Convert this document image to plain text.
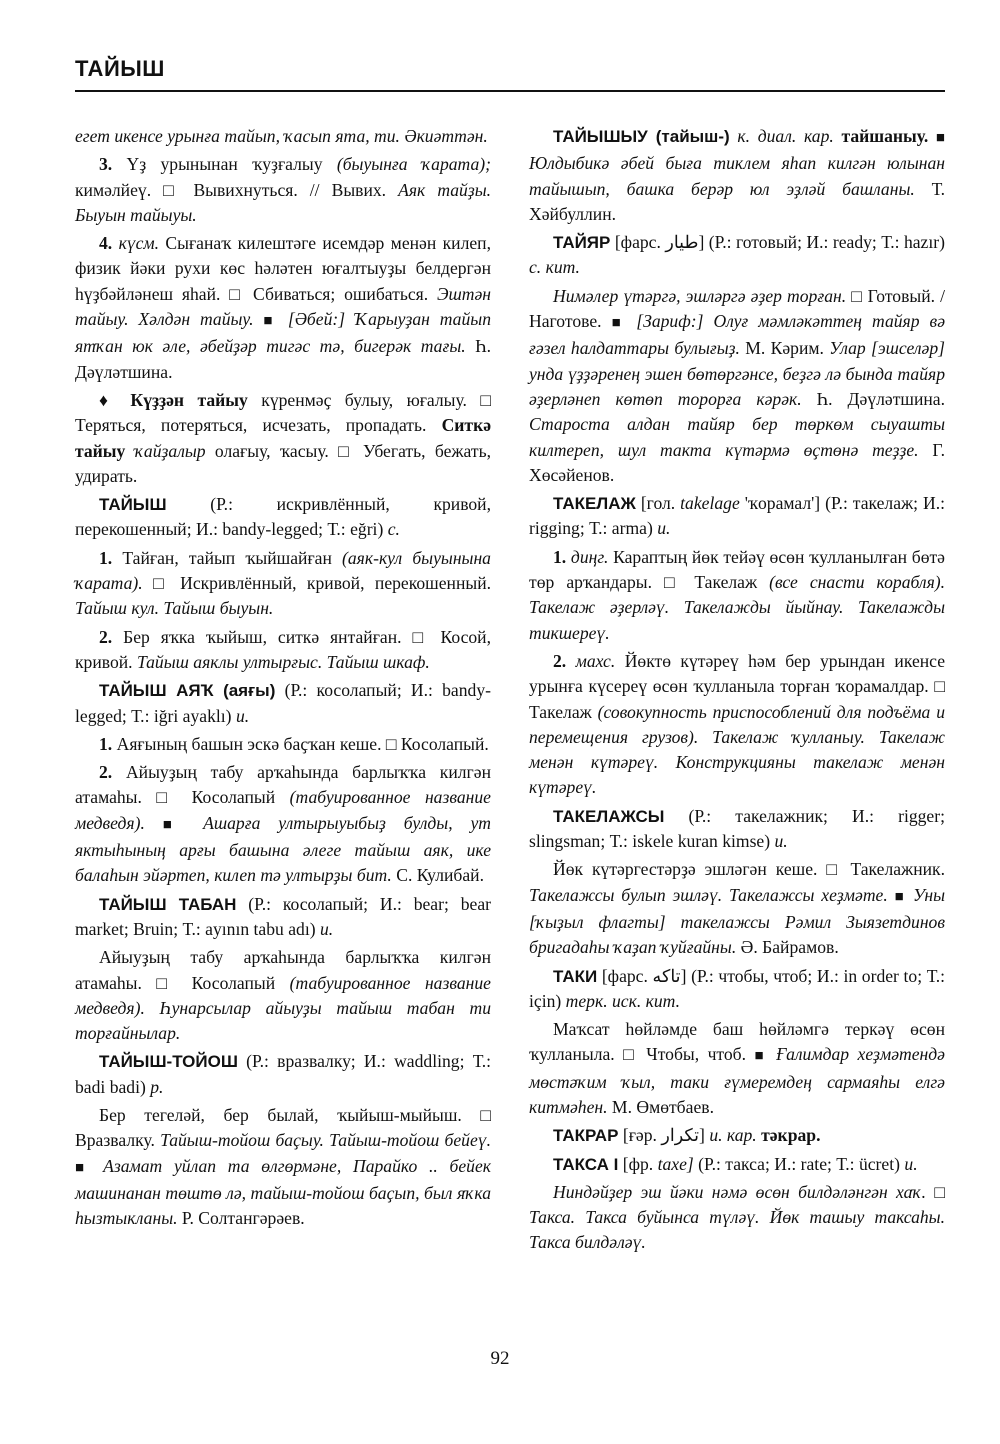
ТАЙЫШ

егет икенсе урынға тайып, ҡасып ята, ти. Әкиәттән.

3. Үҙ урынынан ҡуҙғалыу (быуынға ҡарата); кимәлйеү. □ Вывихнуться. // Вывих. Аяк тайҙы. Быуын тайыуы.

4. күсм. Сығанаҡ килештәге исемдәр менән килеп, физик йәки рухи көс һәләтен юғалтыуҙы белдергән һүҙбәйләнеш яһай. □ Сбиваться; ошибаться. Эштән тайыу. Хәлдән тайыу. ■ [Әбей:] Ҡарыуҙан тайып ятҡан юк әле, әбейҙәр тигәс тә, бигерәк тағы. Һ. Дәүләтшина.

♦ Күҙҙән тайыу күренмәҫ булыу, юғалыу. □ Теряться, потеряться, исчезать, пропадать. Ситкә тайыу ҡайҙалыр олағыу, ҡасыу. □ Убегать, бежать, удирать.

ТАЙЫШ (Р.: искривлённый, кривой, перекошенный; И.: bandy-legged; Т.: eğri) с.

1. Тайған, тайып ҡыйшайған (аяк-кул быуынына ҡарата). □ Искривлённый, кривой, перекошенный. Тайыш кул. Тайыш быуын.

2. Бер яҡка ҡыйыш, ситкә янтайған. □ Косой, кривой. Тайыш аяклы ултырғыс. Тайыш шкаф.

ТАЙЫШ АЯҠ (аяғы) (Р.: косолапый; И.: bandy-legged; Т.: iğri ayaklı) и.

1. Аяғының башын эскә баҫҡан кеше. □ Косолапый.

2. Айыуҙың табу арҡаһында барлыҡҡа килгән атамаһы. □ Косолапый (табуированное название медведя). ■ Ашарға ултырыуыбыҙ булды, ут яктыһының арғы башына әлеге тайыш аяк, ике балаһын эйәртеп, килеп тә ултырҙы бит. С. Кулибай.

ТАЙЫШ ТАБАН (Р.: косолапый; И.: bear; bear market; Bruin; Т.: ayının tabu adı) и.

Айыуҙың табу арҡаһында барлыҡҡа килгән атамаһы. □ Косолапый (табуированное название медведя). Һунарсылар айыуҙы тайыш табан ти торғайнылар.

ТАЙЫШ-ТОЙОШ (Р.: вразвалку; И.: waddling; Т.: badi badi) р.

Бер тегеләй, бер былай, ҡыйыш-мыйыш. □ Вразвалку. Тайыш-тойош баҫыу. Тайыш-тойош бейеү. ■ Азамат уйлап та өлгөрмәне, Парайко .. бейек машинанан төштө лә, тайыш-тойош баҫып, был яҡка һызтыкланы. Р. Солтангәрәев.

ТАЙЫШЫУ (тайыш-) к. диал. кар. тайшаныу. ■ Юлдыбикә әбей быға тиклем яһап килгән юлынан тайышып, башка берәр юл эҙләй башланы. Т. Хәйбуллин.

ТАЙЯР [фарс. طيار] (Р.: готовый; И.: ready; Т.: hazır) с. кит.

Нимәлер үтәргә, эшләргә әҙер торған. □ Готовый. / Наготове. ■ [Зариф:] Олуғ мәмләкәттең тайяр вә ғәзел һалдаттары булығыҙ. М. Кәрим. Улар [эшселәр] унда үҙҙәренең эшен бөтөргәнсе, беҙгә лә бында тайяр әҙерләнеп көтөп торорға кәрәк. Һ. Дәүләтшина. Староста алдан тайяр бер төркөм сыуашты килтереп, шул такта күтәрмә өҫтөнә теҙҙе. Г. Хөсәйенов.

ТАКЕЛАЖ [гол. takelage 'ҡорамал'] (Р.: такелаж; И.: rigging; Т.: arma) и.

1. диңг. Караптың йөк тейәү өсөн ҡулланылған бөтә төр арҡандары. □ Такелаж (все снасти корабля). Такелаж әҙерләү. Такелажды йыйнау. Такелажды тикшереү.

2. махс. Йөктө күтәреү һәм бер урындан икенсе урынға күсереү өсөн ҡулланыла торған ҡорамалдар. □ Такелаж (совокупность приспособлений для подъёма и перемещения грузов). Такелаж ҡулланыу. Такелаж менән күтәреү. Конструкцияны такелаж менән күтәреү.

ТАКЕЛАЖСЫ (Р.: такелажник; И.: rigger; slingsman; Т.: iskele kuran kimse) и.

Йөк күтәргестәрҙә эшләгән кеше. □ Такелажник. Такелажсы булып эшләү. Такелажсы хеҙмәте. ■ Уны [ҡыҙыл флагты] такелажсы Рәмил Зыязетдинов бригадаһы ҡаҙап ҡуйғайны. Ә. Байрамов.

ТАКИ [фарс. تاکه] (Р.: чтобы, чтоб; И.: in order to; Т.: için) терк. иск. кит.

Маҡсат һөйләмде баш һөйләмгә теркәү өсөн ҡулланыла. □ Чтобы, чтоб. ■ Ғалимдар хеҙмәтендә мөстәҡим ҡыл, таки ғүмеремдең сармаяһы елгә китмәһен. М. Өмөтбаев.

ТАКРАР [ғәр. تكرار] и. кар. тәкрар.

ТАКСА I [фр. taxe] (Р.: такса; И.: rate; Т.: ücret) и.

Ниндәйҙер эш йәки нәмә өсөн билдәләнгән хаҡ. □ Такса. Такса буйынса түләү. Йөк ташыу таксаһы. Такса билдәләү.

92
